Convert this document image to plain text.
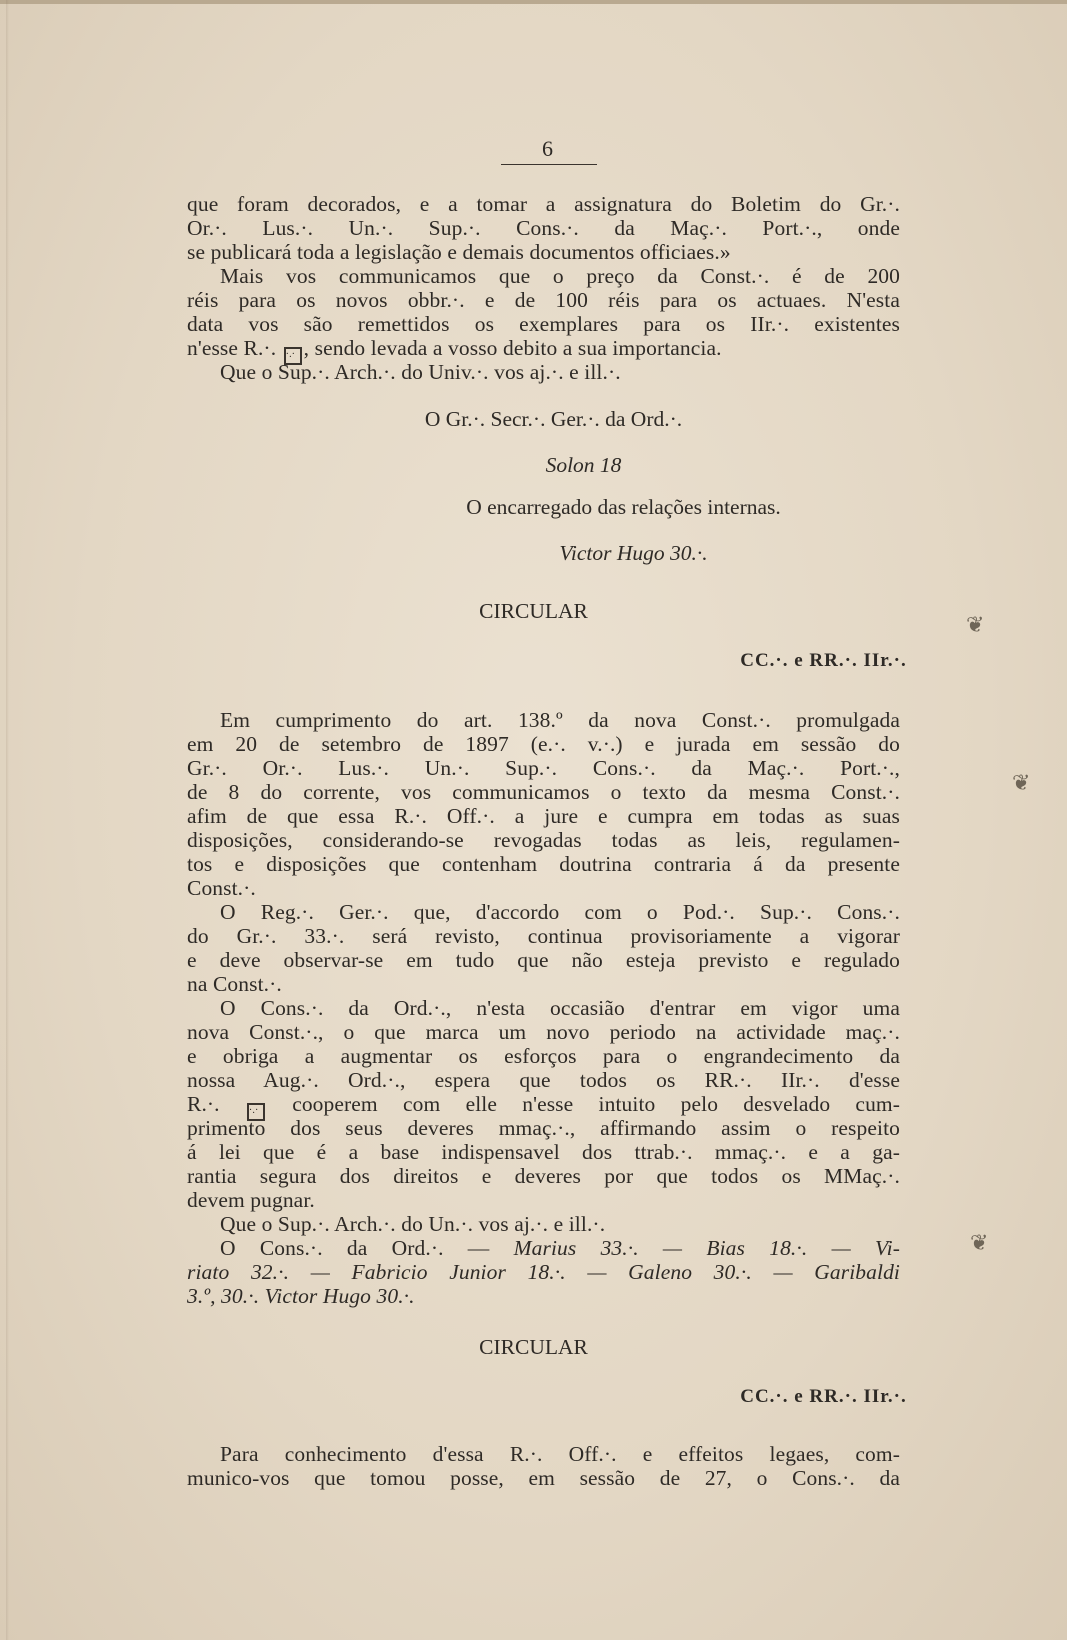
6
que foram decorados, e a tomar a assignatura do Boletim do Gr.·.
Or.·. Lus.·. Un.·. Sup.·. Cons.·. da Maç.·. Port.·., onde
se publicará toda a legislação e demais documentos officiaes.»
Mais vos communicamos que o preço da Const.·. é de 200
réis para os novos obbr.·. e de 100 réis para os actuaes. N'esta
data vos são remettidos os exemplares para os IIr.·. existentes
n'esse R.·. ·.· , sendo levada a vosso debito a sua importancia.
Que o Sup.·. Arch.·. do Univ.·. vos aj.·. e ill.·.
O Gr.·. Secr.·. Ger.·. da Ord.·.
Solon 18
O encarregado das relações internas.
Victor Hugo 30.·.
CIRCULAR
CC.·. e RR.·. IIr.·.
Em cumprimento do art. 138.º da nova Const.·. promulgada
em 20 de setembro de 1897 (e.·. v.·.) e jurada em sessão do
Gr.·. Or.·. Lus.·. Un.·. Sup.·. Cons.·. da Maç.·. Port.·.,
de 8 do corrente, vos communicamos o texto da mesma Const.·.
afim de que essa R.·. Off.·. a jure e cumpra em todas as suas
disposições, considerando-se revogadas todas as leis, regulamen-
tos e disposições que contenham doutrina contraria á da presente
Const.·.
O Reg.·. Ger.·. que, d'accordo com o Pod.·. Sup.·. Cons.·.
do Gr.·. 33.·. será revisto, continua provisoriamente a vigorar
e deve observar-se em tudo que não esteja previsto e regulado
na Const.·.
O Cons.·. da Ord.·., n'esta occasião d'entrar em vigor uma
nova Const.·., o que marca um novo periodo na actividade maç.·.
e obriga a augmentar os esforços para o engrandecimento da
nossa Aug.·. Ord.·., espera que todos os RR.·. IIr.·. d'esse
R.·.	·.· cooperem com elle n'esse intuito pelo desvelado cum-
primento dos seus deveres mmaç.·., affirmando assim o respeito
á lei que é a base indispensavel dos ttrab.·. mmaç.·. e a ga-
rantia segura dos direitos e deveres por que todos os MMaç.·.
devem pugnar.
Que o Sup.·. Arch.·. do Un.·. vos aj.·. e ill.·.
O Cons.·. da Ord.·. — Marius 33.·. — Bias 18.·. — Vi-
riato 32.·. — Fabricio Junior 18.·. — Galeno 30.·. — Garibaldi
3.º, 30.·. Victor Hugo 30.·.
CIRCULAR
CC.·. e RR.·. IIr.·.
Para conhecimento d'essa R.·. Off.·. e effeitos legaes, com-
munico-vos que tomou posse, em sessão de 27, o Cons.·. da
❦
❦
❦
